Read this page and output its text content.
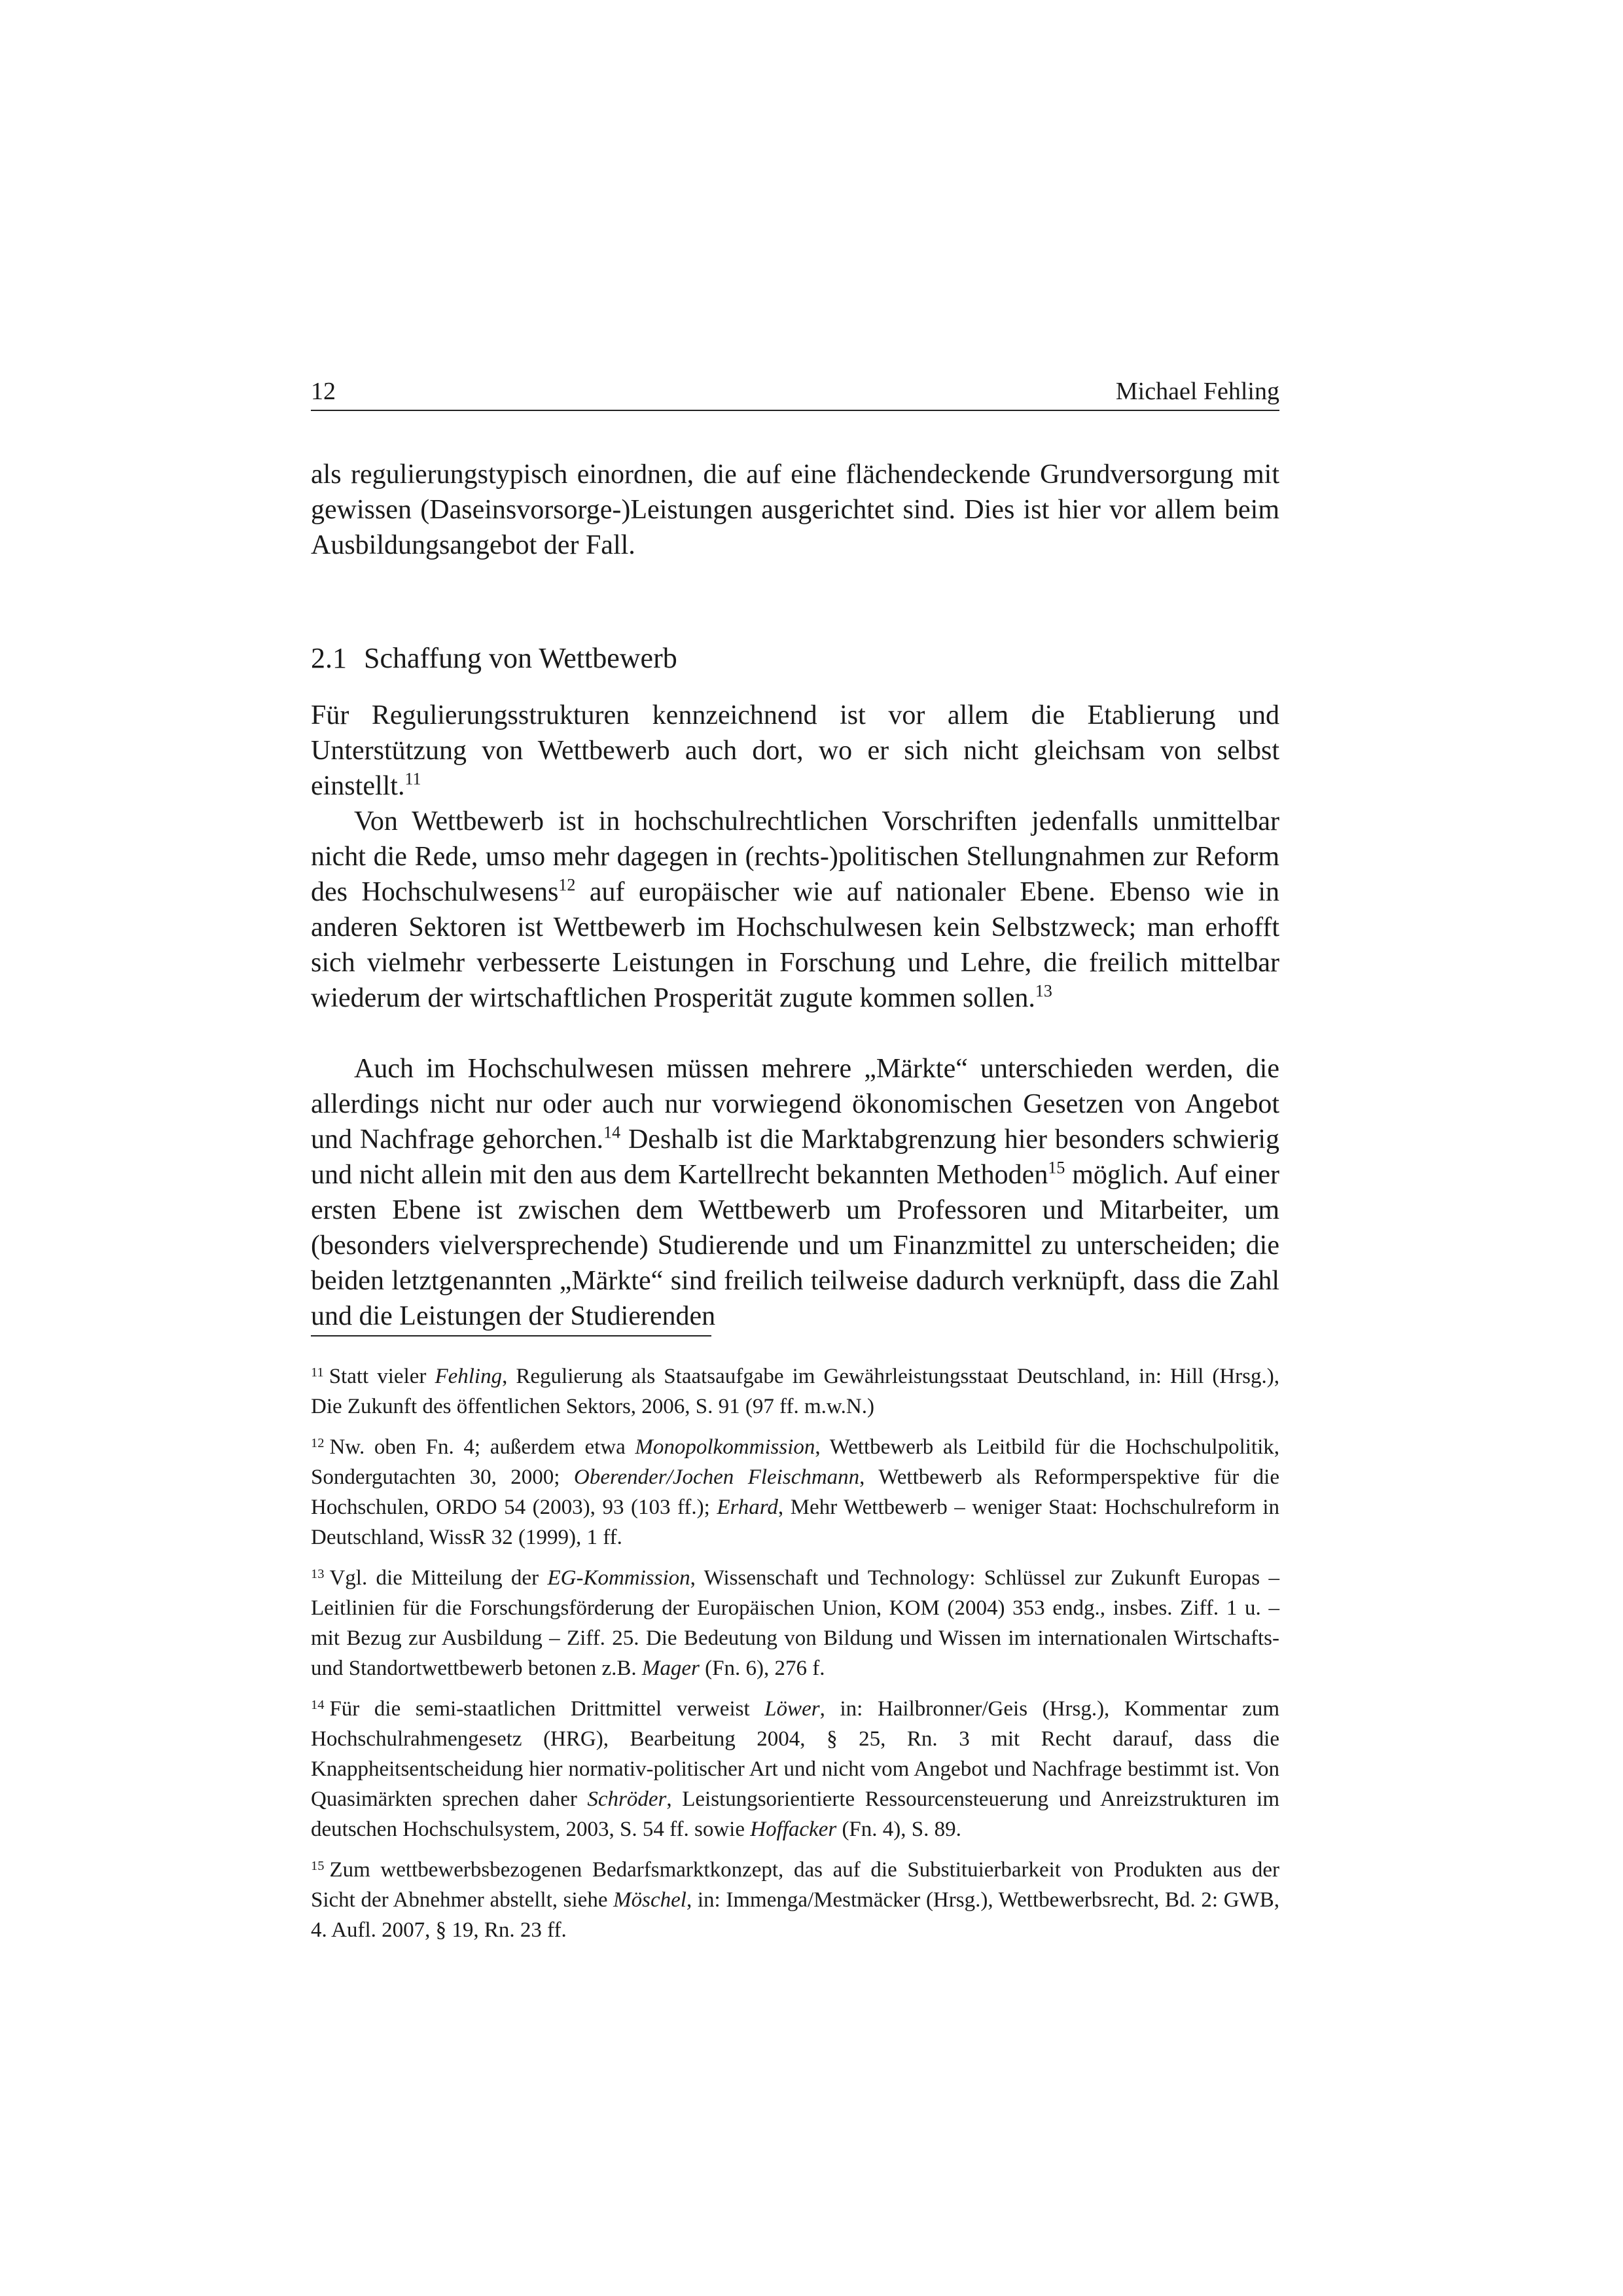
12	Michael Fehling

als regulierungstypisch einordnen, die auf eine flächendeckende Grundversorgung mit gewissen (Daseinsvorsorge-)Leistungen ausgerichtet sind. Dies ist hier vor allem beim Ausbildungsangebot der Fall.

2.1 Schaffung von Wettbewerb

Für Regulierungsstrukturen kennzeichnend ist vor allem die Etablierung und Unterstützung von Wettbewerb auch dort, wo er sich nicht gleichsam von selbst einstellt.$^{11}$

Von Wettbewerb ist in hochschulrechtlichen Vorschriften jedenfalls unmittelbar nicht die Rede, umso mehr dagegen in (rechts-)politischen Stellungnahmen zur Reform des Hochschulwesens$^{12}$ auf europäischer wie auf nationaler Ebene. Ebenso wie in anderen Sektoren ist Wettbewerb im Hochschulwesen kein Selbstzweck; man erhofft sich vielmehr verbesserte Leistungen in Forschung und Lehre, die freilich mittelbar wiederum der wirtschaftlichen Prosperität zugute kommen sollen.$^{13}$

Auch im Hochschulwesen müssen mehrere „Märkte“ unterschieden werden, die allerdings nicht nur oder auch nur vorwiegend ökonomischen Gesetzen von Angebot und Nachfrage gehorchen.$^{14}$ Deshalb ist die Marktabgrenzung hier besonders schwierig und nicht allein mit den aus dem Kartellrecht bekannten Methoden$^{15}$ möglich. Auf einer ersten Ebene ist zwischen dem Wettbewerb um Professoren und Mitarbeiter, um (besonders vielversprechende) Studierende und um Finanzmittel zu unterscheiden; die beiden letztgenannten „Märkte“ sind freilich teilweise dadurch verknüpft, dass die Zahl und die Leistungen der Studierenden

$^{11}$ Statt vieler Fehling, Regulierung als Staatsaufgabe im Gewährleistungsstaat Deutschland, in: Hill (Hrsg.), Die Zukunft des öffentlichen Sektors, 2006, S. 91 (97 ff. m.w.N.)

$^{12}$ Nw. oben Fn. 4; außerdem etwa Monopolkommission, Wettbewerb als Leitbild für die Hochschulpolitik, Sondergutachten 30, 2000; Oberender/Jochen Fleischmann, Wettbewerb als Reformperspektive für die Hochschulen, ORDO 54 (2003), 93 (103 ff.); Erhard, Mehr Wettbewerb – weniger Staat: Hochschulreform in Deutschland, WissR 32 (1999), 1 ff.

$^{13}$ Vgl. die Mitteilung der EG-Kommission, Wissenschaft und Technology: Schlüssel zur Zukunft Europas – Leitlinien für die Forschungsförderung der Europäischen Union, KOM (2004) 353 endg., insbes. Ziff. 1 u. – mit Bezug zur Ausbildung – Ziff. 25. Die Bedeutung von Bildung und Wissen im internationalen Wirtschafts- und Standortwettbewerb betonen z.B. Mager (Fn. 6), 276 f.

$^{14}$ Für die semi-staatlichen Drittmittel verweist Löwer, in: Hailbronner/Geis (Hrsg.), Kommentar zum Hochschulrahmengesetz (HRG), Bearbeitung 2004, § 25, Rn. 3 mit Recht darauf, dass die Knappheitsentscheidung hier normativ-politischer Art und nicht vom Angebot und Nachfrage bestimmt ist. Von Quasimärkten sprechen daher Schröder, Leistungsorientierte Ressourcensteuerung und Anreizstrukturen im deutschen Hochschulsystem, 2003, S. 54 ff. sowie Hoffacker (Fn. 4), S. 89.

$^{15}$ Zum wettbewerbsbezogenen Bedarfsmarktkonzept, das auf die Substituierbarkeit von Produkten aus der Sicht der Abnehmer abstellt, siehe Möschel, in: Immenga/Mestmäcker (Hrsg.), Wettbewerbsrecht, Bd. 2: GWB, 4. Aufl. 2007, § 19, Rn. 23 ff.
